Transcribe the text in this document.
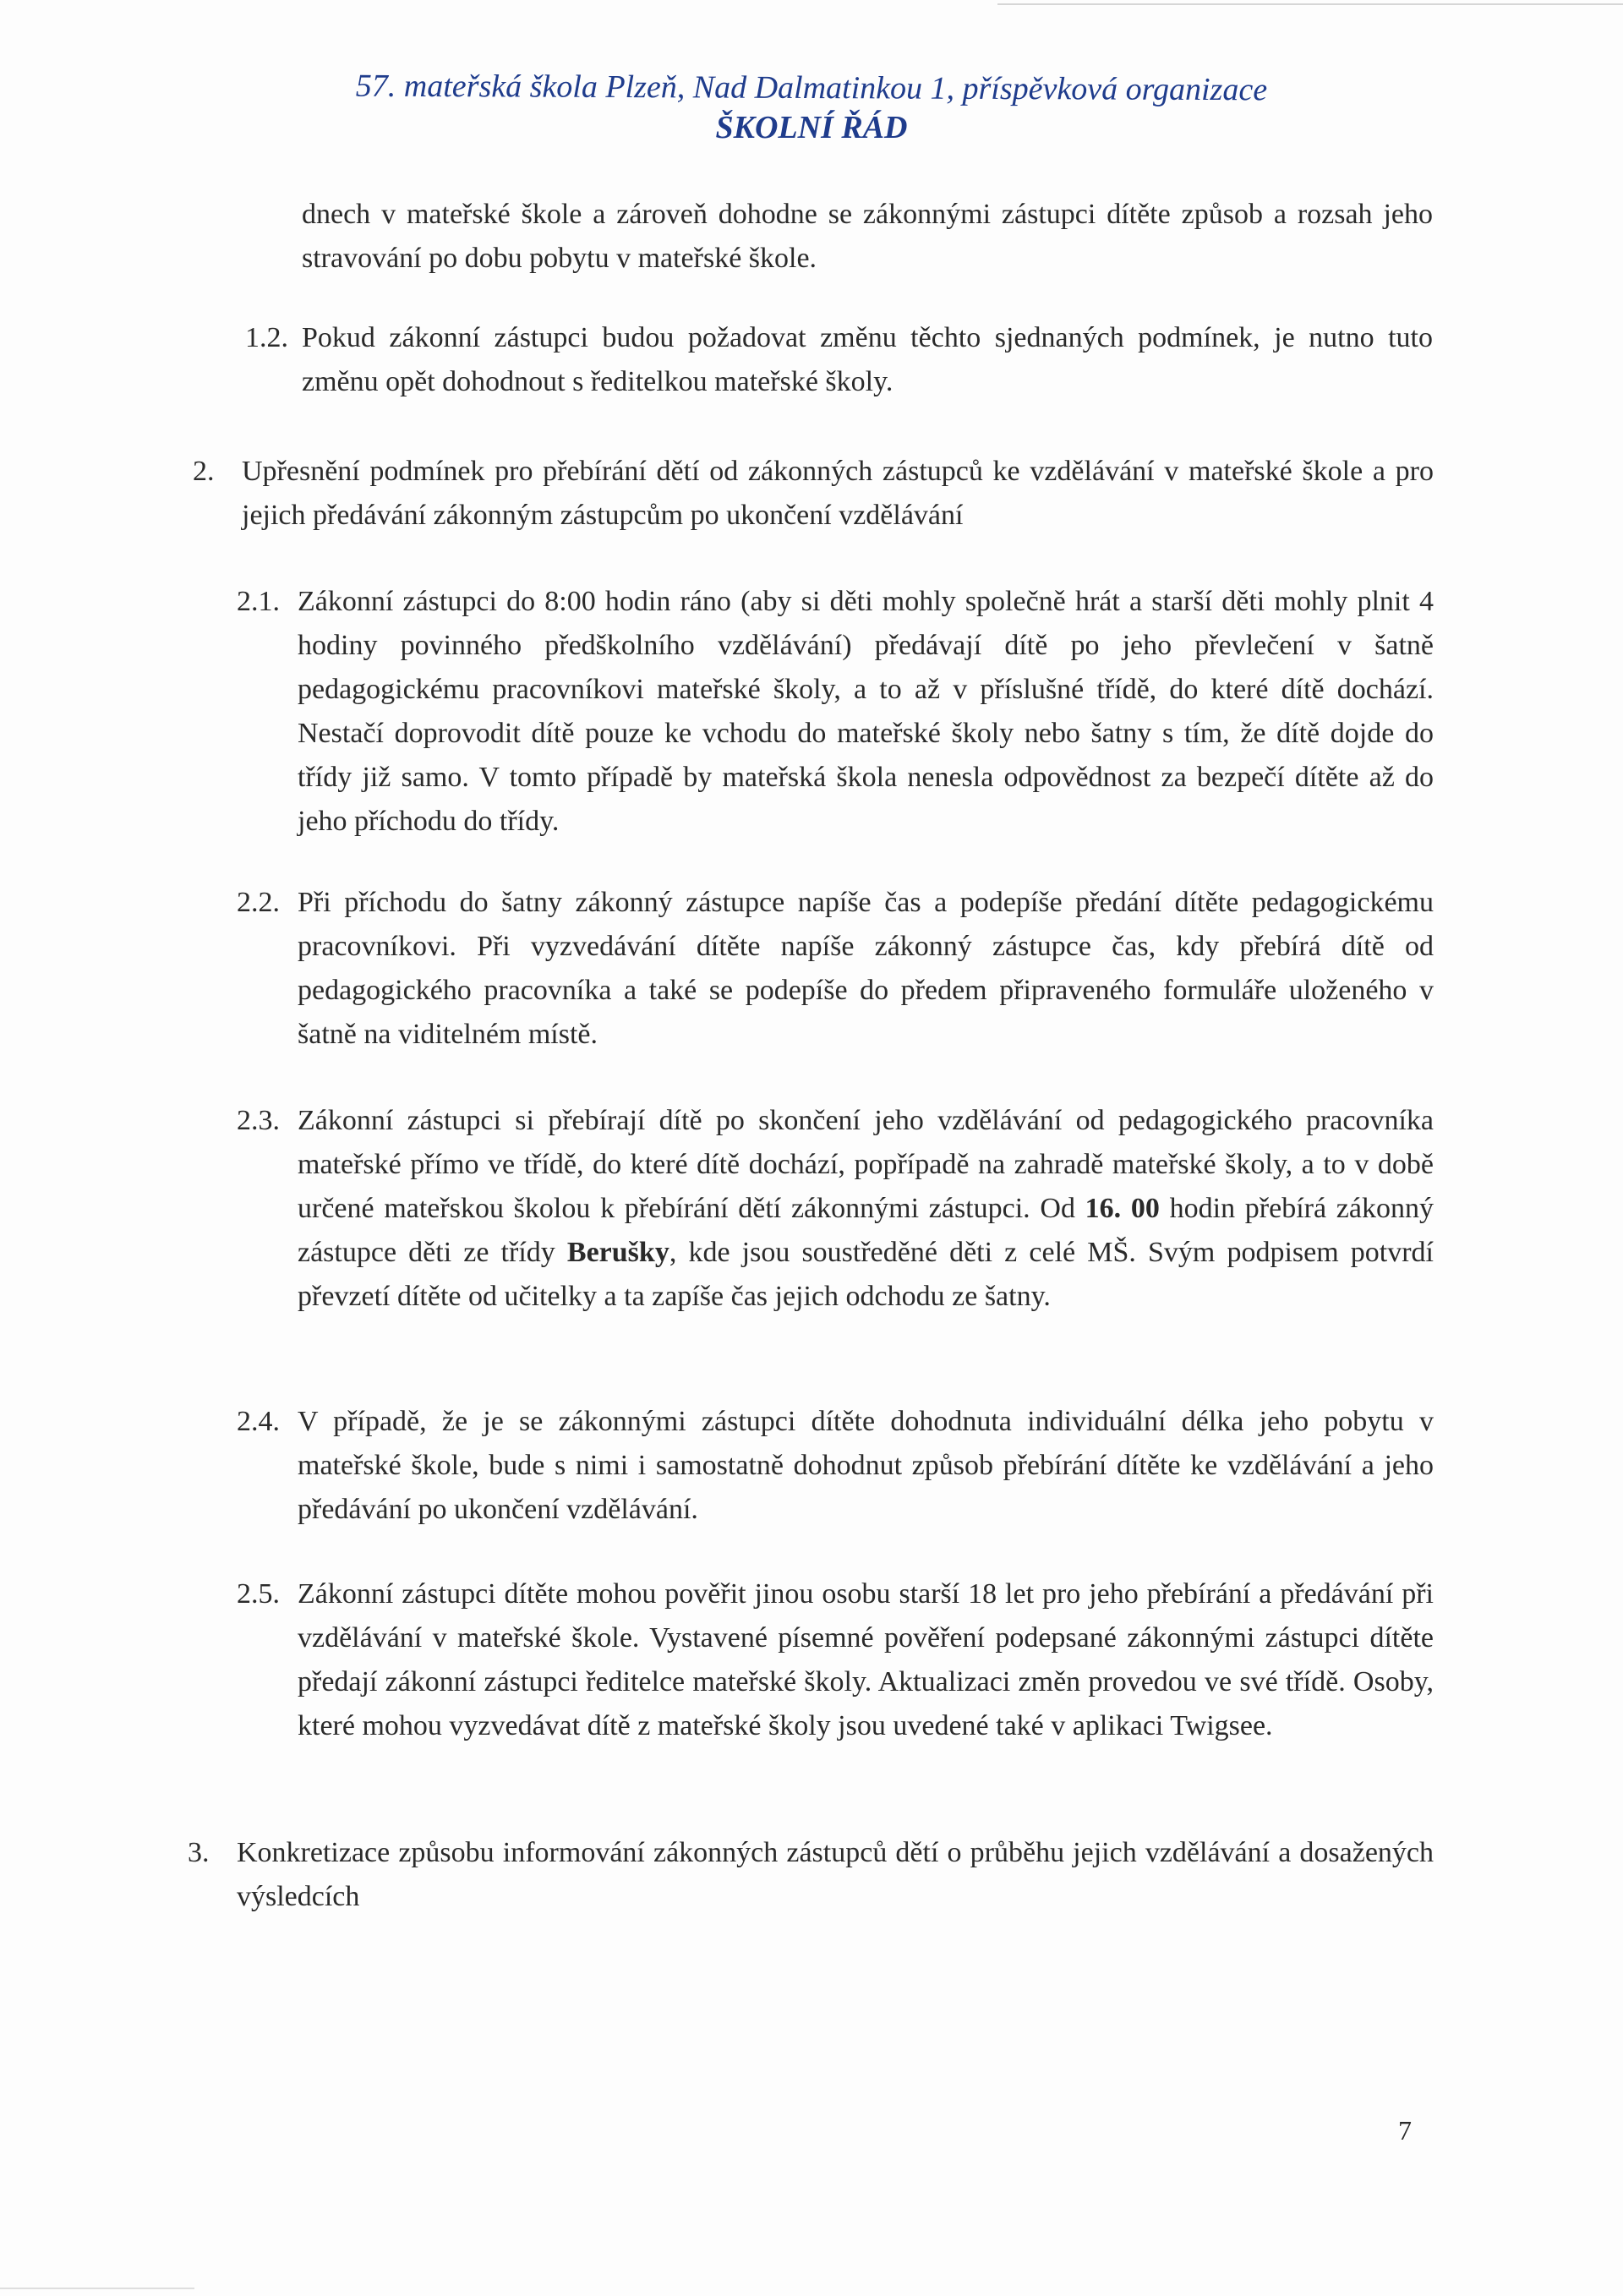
57. mateřská škola Plzeň, Nad Dalmatinkou 1, příspěvková organizace
ŠKOLNÍ ŘÁD
dnech v mateřské škole a zároveň dohodne se zákonnými zástupci dítěte způsob a rozsah jeho stravování po dobu pobytu v mateřské škole.
1.2. Pokud zákonní zástupci budou požadovat změnu těchto sjednaných podmínek, je nutno tuto změnu opět dohodnout s ředitelkou mateřské školy.
2. Upřesnění podmínek pro přebírání dětí od zákonných zástupců ke vzdělávání v mateřské škole a pro jejich předávání zákonným zástupcům po ukončení vzdělávání
2.1. Zákonní zástupci do 8:00 hodin ráno (aby si děti mohly společně hrát a starší děti mohly plnit 4 hodiny povinného předškolního vzdělávání) předávají dítě po jeho převlečení v šatně pedagogickému pracovníkovi mateřské školy, a to až v příslušné třídě, do které dítě dochází. Nestačí doprovodit dítě pouze ke vchodu do mateřské školy nebo šatny s tím, že dítě dojde do třídy již samo. V tomto případě by mateřská škola nenesla odpovědnost za bezpečí dítěte až do jeho příchodu do třídy.
2.2. Při příchodu do šatny zákonný zástupce napíše čas a podepíše předání dítěte pedagogickému pracovníkovi. Při vyzvedávání dítěte napíše zákonný zástupce čas, kdy přebírá dítě od pedagogického pracovníka a také se podepíše do předem připraveného formuláře uloženého v šatně na viditelném místě.
2.3. Zákonní zástupci si přebírají dítě po skončení jeho vzdělávání od pedagogického pracovníka mateřské přímo ve třídě, do které dítě dochází, popřípadě na zahradě mateřské školy, a to v době určené mateřskou školou k přebírání dětí zákonnými zástupci. Od 16. 00 hodin přebírá zákonný zástupce děti ze třídy Berušky, kde jsou soustředěné děti z celé MŠ. Svým podpisem potvrdí převzetí dítěte od učitelky a ta zapíše čas jejich odchodu ze šatny.
2.4. V případě, že je se zákonnými zástupci dítěte dohodnuta individuální délka jeho pobytu v mateřské škole, bude s nimi i samostatně dohodnut způsob přebírání dítěte ke vzdělávání a jeho předávání po ukončení vzdělávání.
2.5. Zákonní zástupci dítěte mohou pověřit jinou osobu starší 18 let pro jeho přebírání a předávání při vzdělávání v mateřské škole. Vystavené písemné pověření podepsané zákonnými zástupci dítěte předají zákonní zástupci ředitelce mateřské školy. Aktualizaci změn provedou ve své třídě. Osoby, které mohou vyzvedávat dítě z mateřské školy jsou uvedené také v aplikaci Twigsee.
3. Konkretizace způsobu informování zákonných zástupců dětí o průběhu jejich vzdělávání a dosažených výsledcích
7
